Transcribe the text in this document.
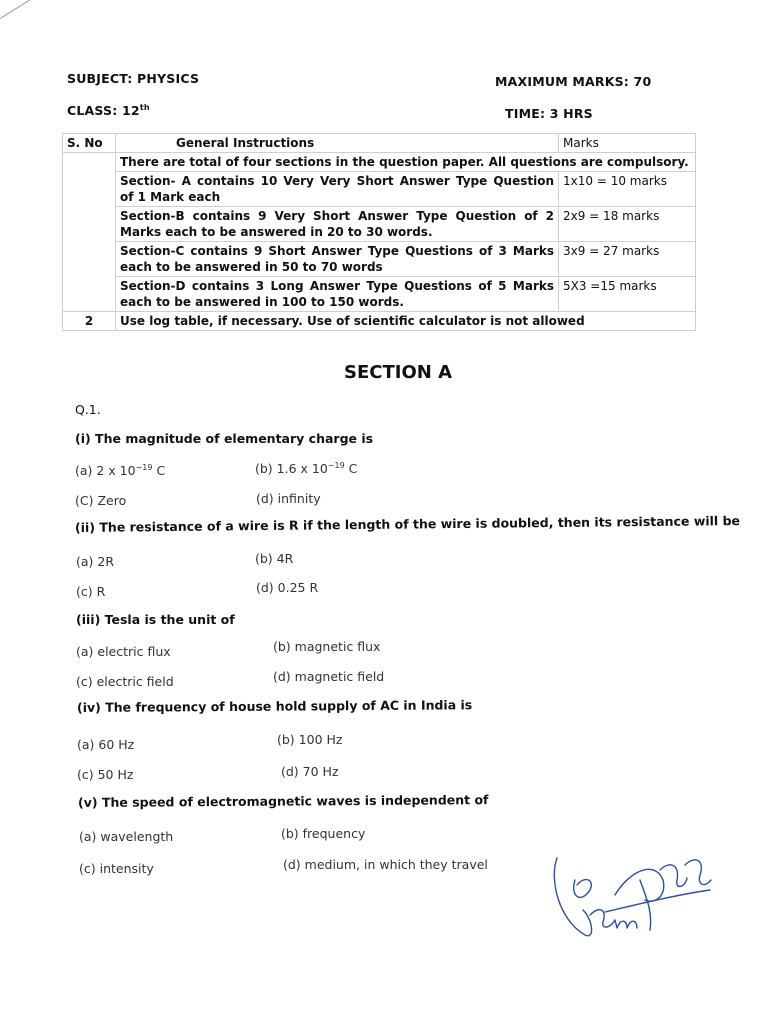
SUBJECT: PHYSICS	MAXIMUM MARKS: 70
CLASS: 12th	TIME: 3 HRS
S. No	General Instructions	Marks
	There are total of four sections in the question paper. All questions are compulsory.	
	Section- A contains 10 Very Very Short Answer Type Question of 1 Mark each	1x10 = 10 marks
	Section-B contains 9 Very Short Answer Type Question of 2 Marks each to be answered in 20 to 30 words.	2x9 = 18 marks
	Section-C contains 9 Short Answer Type Questions of 3 Marks each to be answered in 50 to 70 words	3x9 = 27 marks
	Section-D contains 3 Long Answer Type Questions of 5 Marks each to be answered in 100 to 150 words.	5X3 =15 marks
2	Use log table, if necessary. Use of scientific calculator is not allowed	
SECTION A
Q.1.
(i) The magnitude of elementary charge is
(a) 2 x $10^{-19}$ C	(b) 1.6 x $10^{-19}$ C
(C) Zero	(d) infinity
(ii) The resistance of a wire is R if the length of the wire is doubled, then its resistance will be
(a) 2R	(b) 4R
(c) R	(d) 0.25 R
(iii) Tesla is the unit of
(a) electric flux	(b) magnetic flux
(c) electric field	(d) magnetic field
(iv) The frequency of house hold supply of AC in India is
(a) 60 Hz	(b) 100 Hz
(c) 50 Hz	(d) 70 Hz
(v) The speed of electromagnetic waves is independent of
(a) wavelength	(b) frequency
(c) intensity	(d) medium, in which they travel
